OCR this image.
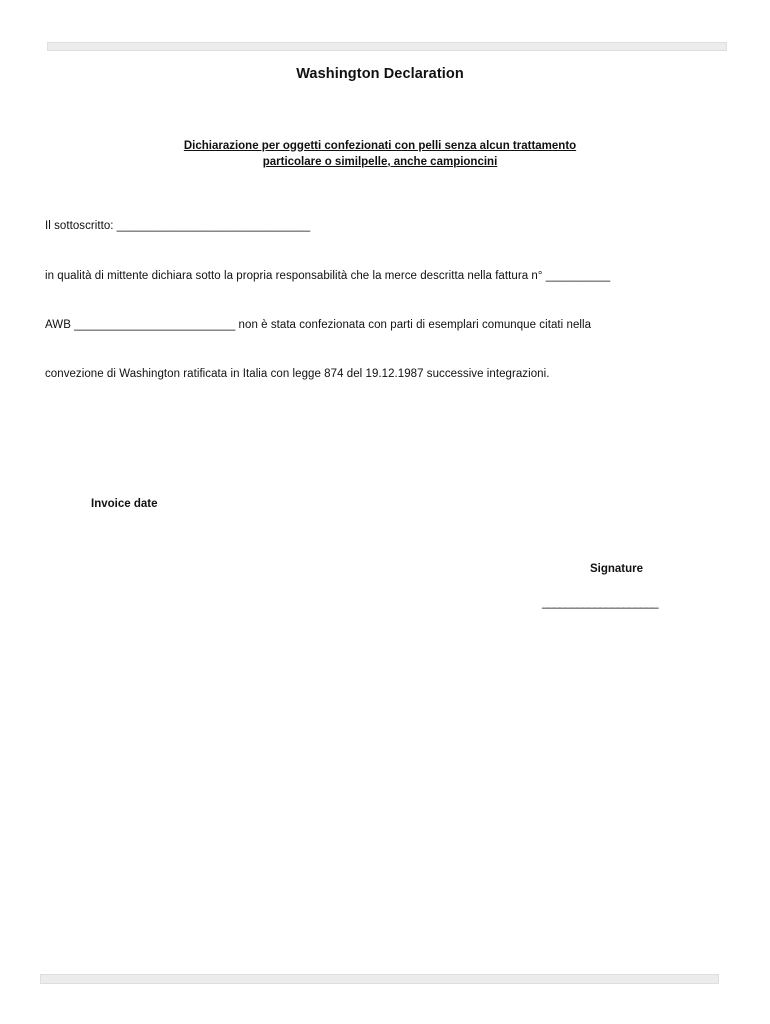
Washington Declaration
Dichiarazione per oggetti confezionati con pelli senza alcun trattamento
particolare o similpelle, anche campioncini
Il sottoscritto: ______________________________
in qualità di mittente dichiara sotto la propria responsabilità che la merce descritta nella fattura n° __________
AWB _________________________ non è stata confezionata con parti di esemplari comunque citati nella
convezione di Washington ratificata in Italia con legge 874 del 19.12.1987 successive integrazioni.
Invoice date
Signature
____________________
